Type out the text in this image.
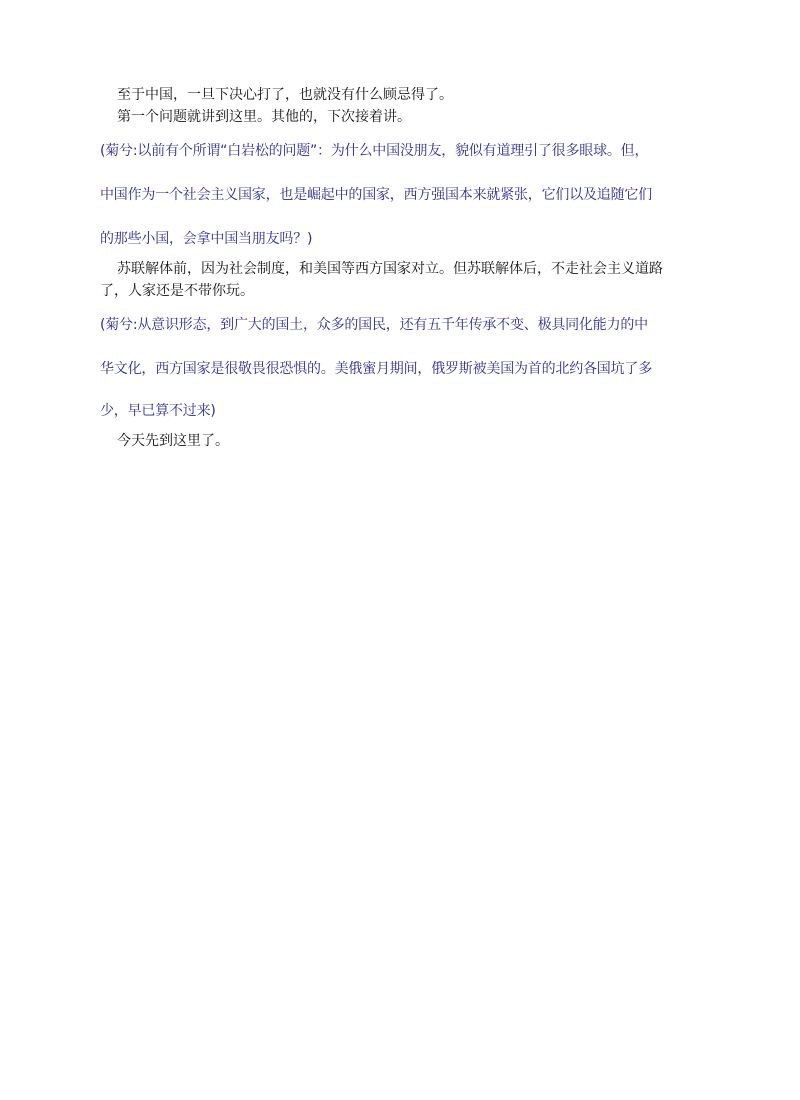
至于中国，一旦下决心打了，也就没有什么顾忌得了。
第一个问题就讲到这里。其他的，下次接着讲。
(菊兮:以前有个所谓“白岩松的问题”：为什么中国没朋友，貌似有道理引了很多眼球。但，
中国作为一个社会主义国家，也是崛起中的国家，西方强国本来就紧张，它们以及追随它们
的那些小国，会拿中国当朋友吗？)
苏联解体前，因为社会制度，和美国等西方国家对立。但苏联解体后，不走社会主义道路
了，人家还是不带你玩。
(菊兮:从意识形态，到广大的国土，众多的国民，还有五千年传承不变、极具同化能力的中
华文化，西方国家是很敬畏很恐惧的。美俄蜜月期间，俄罗斯被美国为首的北约各国坑了多
少，早已算不过来)
今天先到这里了。
